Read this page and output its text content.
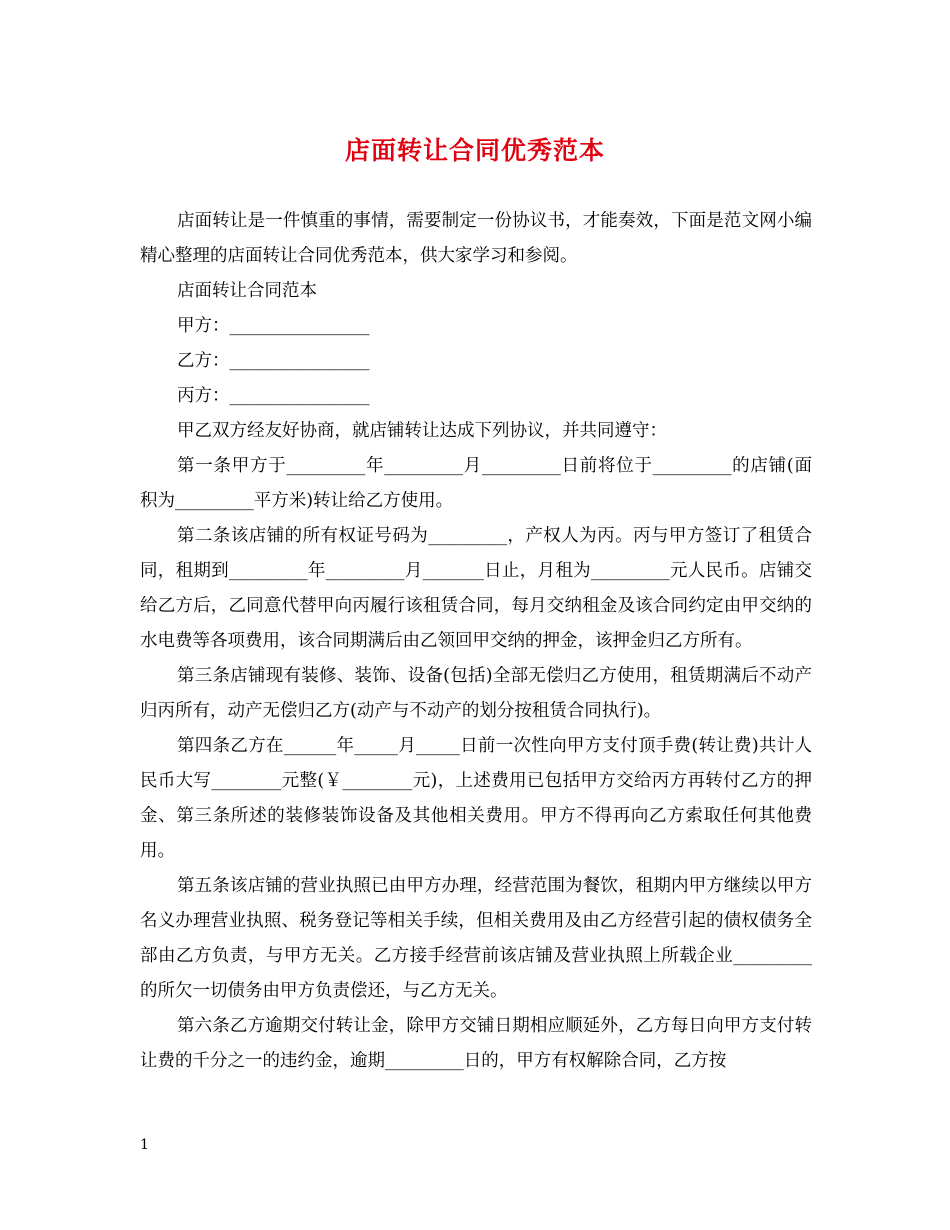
店面转让合同优秀范本

店面转让是一件慎重的事情，需要制定一份协议书，才能奏效，下面是范文网小编精心整理的店面转让合同优秀范本，供大家学习和参阅。

店面转让合同范本

甲方：________________

乙方：________________

丙方：________________

甲乙双方经友好协商，就店铺转让达成下列协议，并共同遵守：

第一条甲方于_________年_________月_________日前将位于_________的店铺(面积为_________平方米)转让给乙方使用。

第二条该店铺的所有权证号码为_________，产权人为丙。丙与甲方签订了租赁合同，租期到_________年_________月_______日止，月租为_________元人民币。店铺交给乙方后，乙同意代替甲向丙履行该租赁合同，每月交纳租金及该合同约定由甲交纳的水电费等各项费用，该合同期满后由乙领回甲交纳的押金，该押金归乙方所有。

第三条店铺现有装修、装饰、设备(包括)全部无偿归乙方使用，租赁期满后不动产归丙所有，动产无偿归乙方(动产与不动产的划分按租赁合同执行)。

第四条乙方在______年_____月_____日前一次性向甲方支付顶手费(转让费)共计人民币大写________元整(￥________元)，上述费用已包括甲方交给丙方再转付乙方的押金、第三条所述的装修装饰设备及其他相关费用。甲方不得再向乙方索取任何其他费用。

第五条该店铺的营业执照已由甲方办理，经营范围为餐饮，租期内甲方继续以甲方名义办理营业执照、税务登记等相关手续，但相关费用及由乙方经营引起的债权债务全部由乙方负责，与甲方无关。乙方接手经营前该店铺及营业执照上所载企业_________的所欠一切债务由甲方负责偿还，与乙方无关。

第六条乙方逾期交付转让金，除甲方交铺日期相应顺延外，乙方每日向甲方支付转让费的千分之一的违约金，逾期_________日的，甲方有权解除合同，乙方按

1
